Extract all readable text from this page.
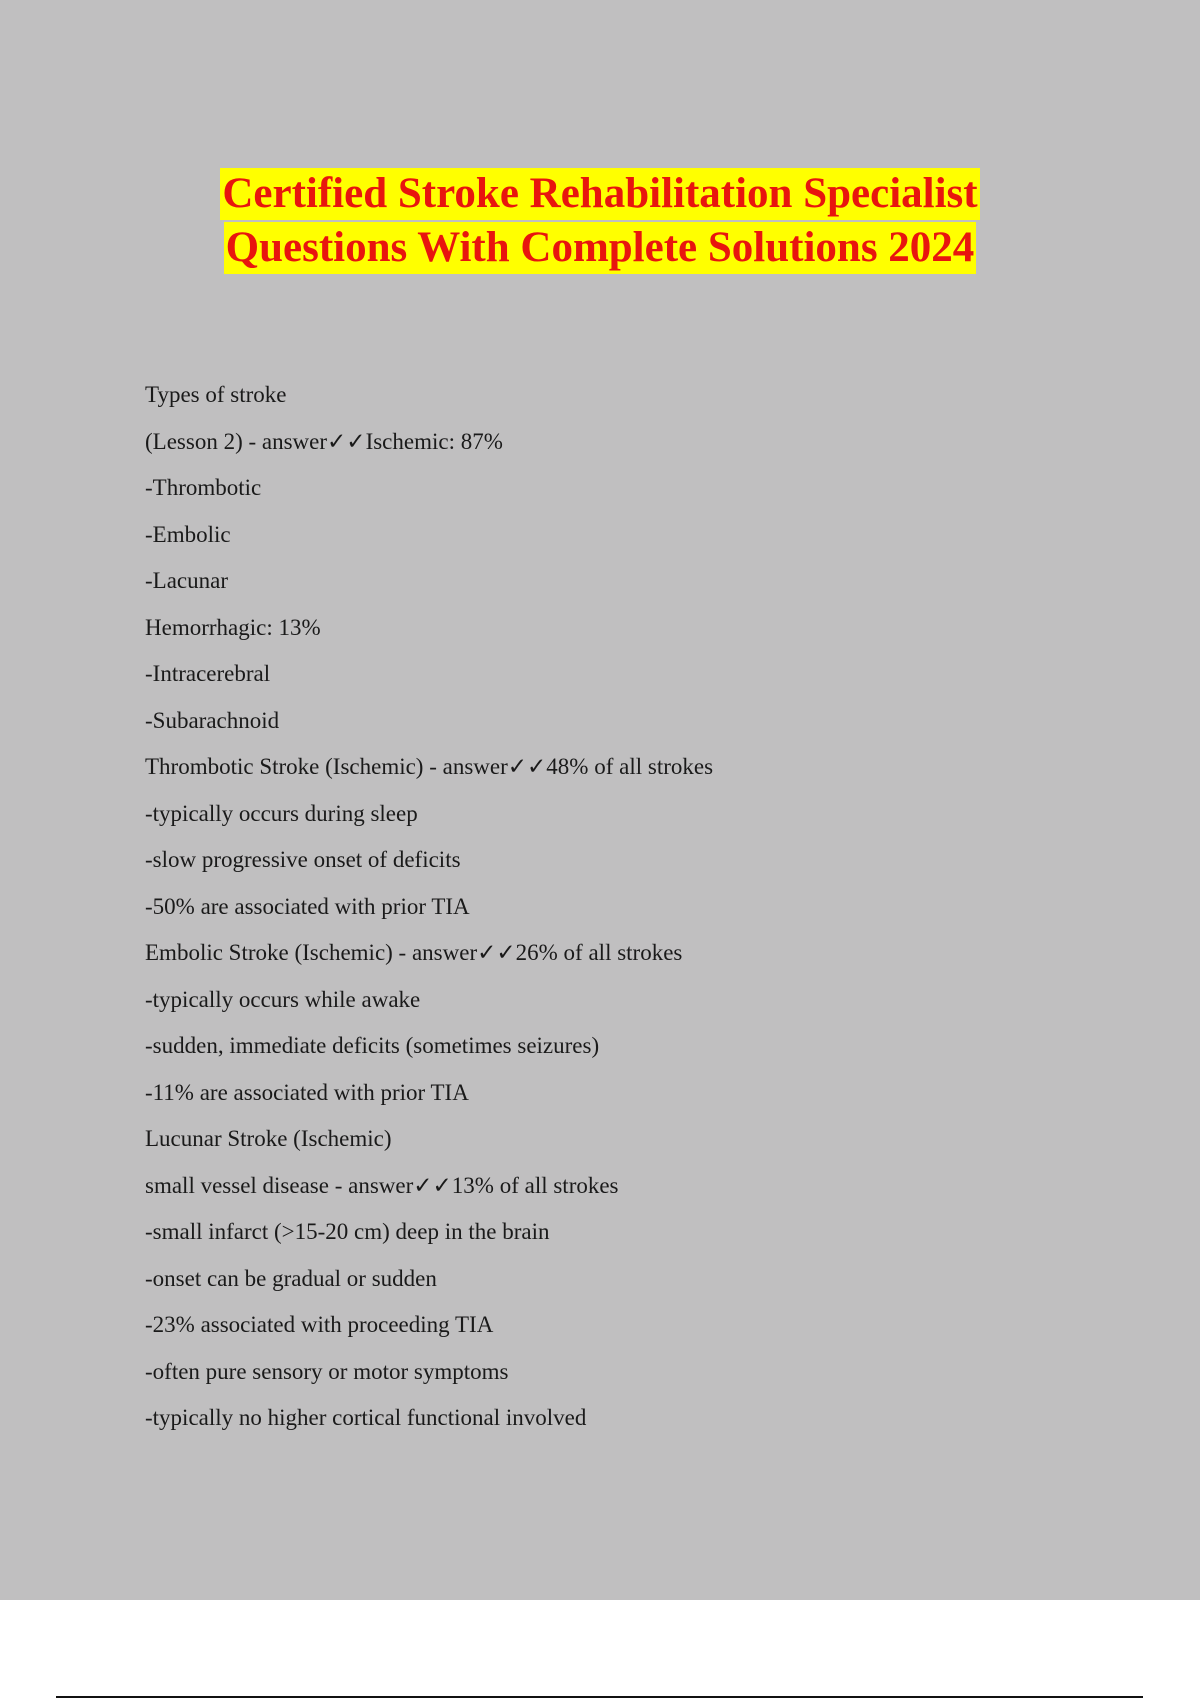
Certified Stroke Rehabilitation Specialist
Questions With Complete Solutions 2024
Types of stroke
(Lesson 2) - answer✓✓Ischemic: 87%
-Thrombotic
-Embolic
-Lacunar
Hemorrhagic: 13%
-Intracerebral
-Subarachnoid
Thrombotic Stroke (Ischemic) - answer✓✓48% of all strokes
-typically occurs during sleep
-slow progressive onset of deficits
-50% are associated with prior TIA
Embolic Stroke (Ischemic) - answer✓✓26% of all strokes
-typically occurs while awake
-sudden, immediate deficits (sometimes seizures)
-11% are associated with prior TIA
Lucunar Stroke (Ischemic)
small vessel disease - answer✓✓13% of all strokes
-small infarct (>15-20 cm) deep in the brain
-onset can be gradual or sudden
-23% associated with proceeding TIA
-often pure sensory or motor symptoms
-typically no higher cortical functional involved
